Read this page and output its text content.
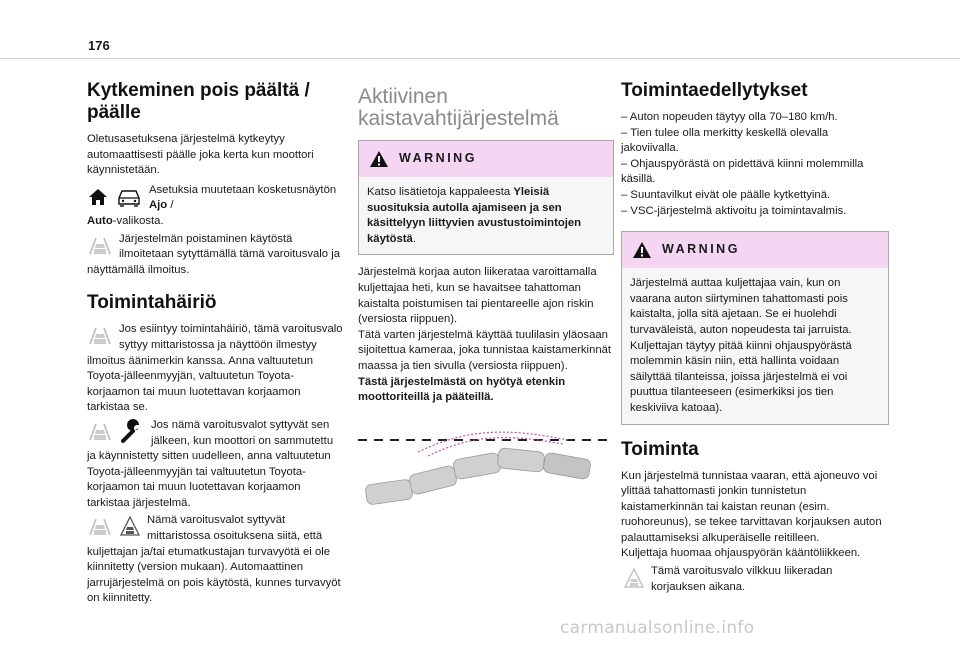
176
Kytkeminen pois päältä / päälle

Oletusasetuksena järjestelmä kytkeytyy automaattisesti päälle joka kerta kun moottori käynnistetään.

Asetuksia muutetaan kosketusnäytön Ajo /
Auto-valikosta.

Järjestelmän poistaminen käytöstä ilmoitetaan sytyttämällä tämä varoitusvalo ja näyttämällä ilmoitus.

Toimintahäiriö

Jos esiintyy toimintahäiriö, tämä varoitusvalo syttyy mittaristossa ja näyttöön ilmestyy ilmoitus äänimerkin kanssa. Anna valtuutetun Toyota-jälleenmyyjän, valtuutetun Toyota-korjaamon tai muun luotettavan korjaamon tarkistaa se.

Jos nämä varoitusvalot syttyvät sen jälkeen, kun moottori on sammutettu ja käynnistetty sitten uudelleen, anna valtuutetun Toyota-jälleenmyyjän tai valtuutetun Toyota-korjaamon tai muun luotettavan korjaamon tarkistaa järjestelmä.

Nämä varoitusvalot syttyvät mittaristossa osoituksena siitä, että kuljettajan ja/tai etumatkustajan turvavyötä ei ole kiinnitetty (version mukaan). Automaattinen jarrujärjestelmä on pois käytöstä, kunnes turvavyöt on kiinnitetty.

Aktiivinen
kaistavahtijärjestelmä
WARNING
Katso lisätietoja kappaleesta Yleisiä suosituksia autolla ajamiseen ja sen käsittelyyn liittyvien avustustoimintojen käytöstä.

Järjestelmä korjaa auton liikerataa varoittamalla kuljettajaa heti, kun se havaitsee tahattoman kaistalta poistumisen tai pientareelle ajon riskin (versiosta riippuen).

Tätä varten järjestelmä käyttää tuulilasin yläosaan sijoitettua kameraa, joka tunnistaa kaistamerkinnät maassa ja tien sivulla (versiosta riippuen).

Tästä järjestelmästä on hyötyä etenkin moottoriteillä ja pääteillä.

Toimintaedellytykset

– Auton nopeuden täytyy olla 70–180 km/h.

– Tien tulee olla merkitty keskellä olevalla jakoviivalla.

– Ohjauspyörästä on pidettävä kiinni molemmilla käsillä.

– Suuntavilkut eivät ole päälle kytkettyinä.

– VSC-järjestelmä aktivoitu ja toimintavalmis.

WARNING
Järjestelmä auttaa kuljettajaa vain, kun on vaarana auton siirtyminen tahattomasti pois kaistalta, jolla sitä ajetaan. Se ei huolehdi turvaväleistä, auton nopeudesta tai jarruista. Kuljettajan täytyy pitää kiinni ohjauspyörästä molemmin käsin niin, että hallinta voidaan säilyttää tilanteissa, joissa järjestelmä ei voi puuttua tilanteeseen (esimerkiksi jos tien keskiviiva katoaa).
Toiminta

Kun järjestelmä tunnistaa vaaran, että ajoneuvo voi ylittää tahattomasti jonkin tunnistetun kaistamerkinnän tai kaistan reunan (esim. ruohoreunus), se tekee tarvittavan korjauksen auton palauttamiseksi alkuperäiselle reitilleen.

Kuljettaja huomaa ohjauspyörän kääntöliikkeen.

Tämä varoitusvalo vilkkuu liikeradan korjauksen aikana.

carmanualsonline.info
